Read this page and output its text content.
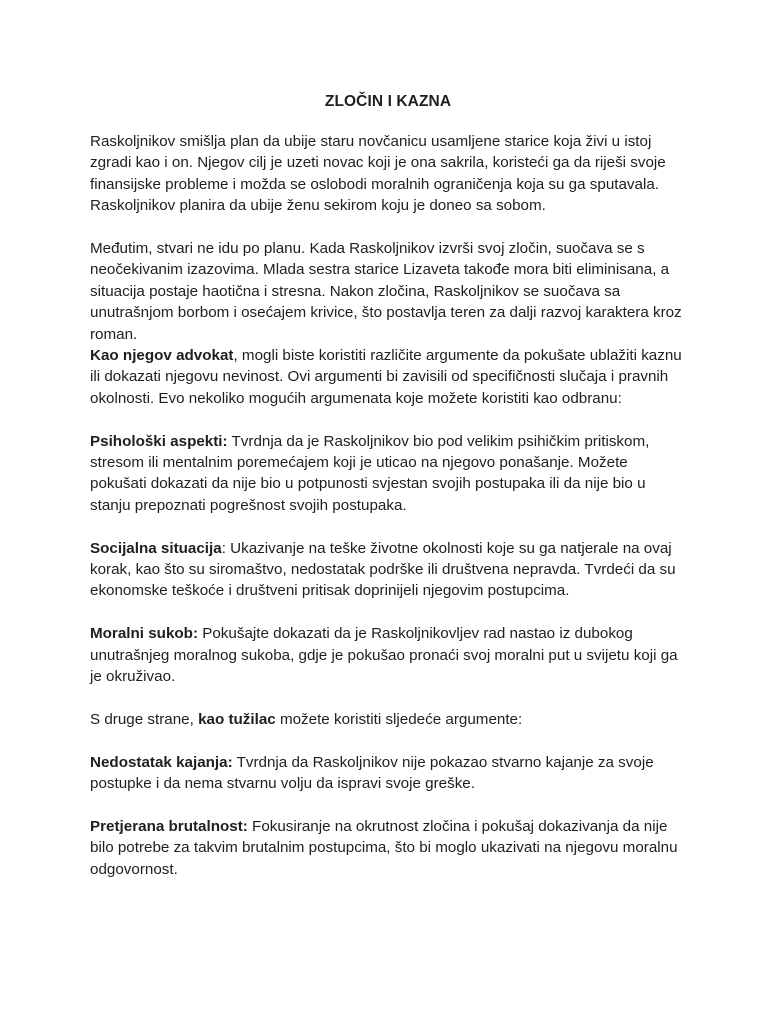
ZLOČIN I KAZNA

Raskoljnikov smišlja plan da ubije staru novčanicu usamljene starice koja živi u istoj zgradi kao i on. Njegov cilj je uzeti novac koji je ona sakrila, koristeći ga da riješi svoje finansijske probleme i možda se oslobodi moralnih ograničenja koja su ga sputavala. Raskoljnikov planira da ubije ženu sekirom koju je doneo sa sobom.

Međutim, stvari ne idu po planu. Kada Raskoljnikov izvrši svoj zločin, suočava se s neočekivanim izazovima. Mlada sestra starice Lizaveta takođe mora biti eliminisana, a situacija postaje haotična i stresna. Nakon zločina, Raskoljnikov se suočava sa unutrašnjom borbom i osećajem krivice, što postavlja teren za dalji razvoj karaktera kroz roman.

Kao njegov advokat, mogli biste koristiti različite argumente da pokušate ublažiti kaznu ili dokazati njegovu nevinost. Ovi argumenti bi zavisili od specifičnosti slučaja i pravnih okolnosti. Evo nekoliko mogućih argumenata koje možete koristiti kao odbranu:

Psihološki aspekti: Tvrdnja da je Raskoljnikov bio pod velikim psihičkim pritiskom, stresom ili mentalnim poremećajem koji je uticao na njegovo ponašanje. Možete pokušati dokazati da nije bio u potpunosti svjestan svojih postupaka ili da nije bio u stanju prepoznati pogrešnost svojih postupaka.

Socijalna situacija: Ukazivanje na teške životne okolnosti koje su ga natjerale na ovaj korak, kao što su siromaštvo, nedostatak podrške ili društvena nepravda. Tvrdeći da su ekonomske teškoće i društveni pritisak doprinijeli njegovim postupcima.

Moralni sukob: Pokušajte dokazati da je Raskoljnikovljev rad nastao iz dubokog unutrašnjeg moralnog sukoba, gdje je pokušao pronaći svoj moralni put u svijetu koji ga je okruživao.

S druge strane, kao tužilac možete koristiti sljedeće argumente:

Nedostatak kajanja: Tvrdnja da Raskoljnikov nije pokazao stvarno kajanje za svoje postupke i da nema stvarnu volju da ispravi svoje greške.

Pretjerana brutalnost: Fokusiranje na okrutnost zločina i pokušaj dokazivanja da nije bilo potrebe za takvim brutalnim postupcima, što bi moglo ukazivati na njegovu moralnu odgovornost.
